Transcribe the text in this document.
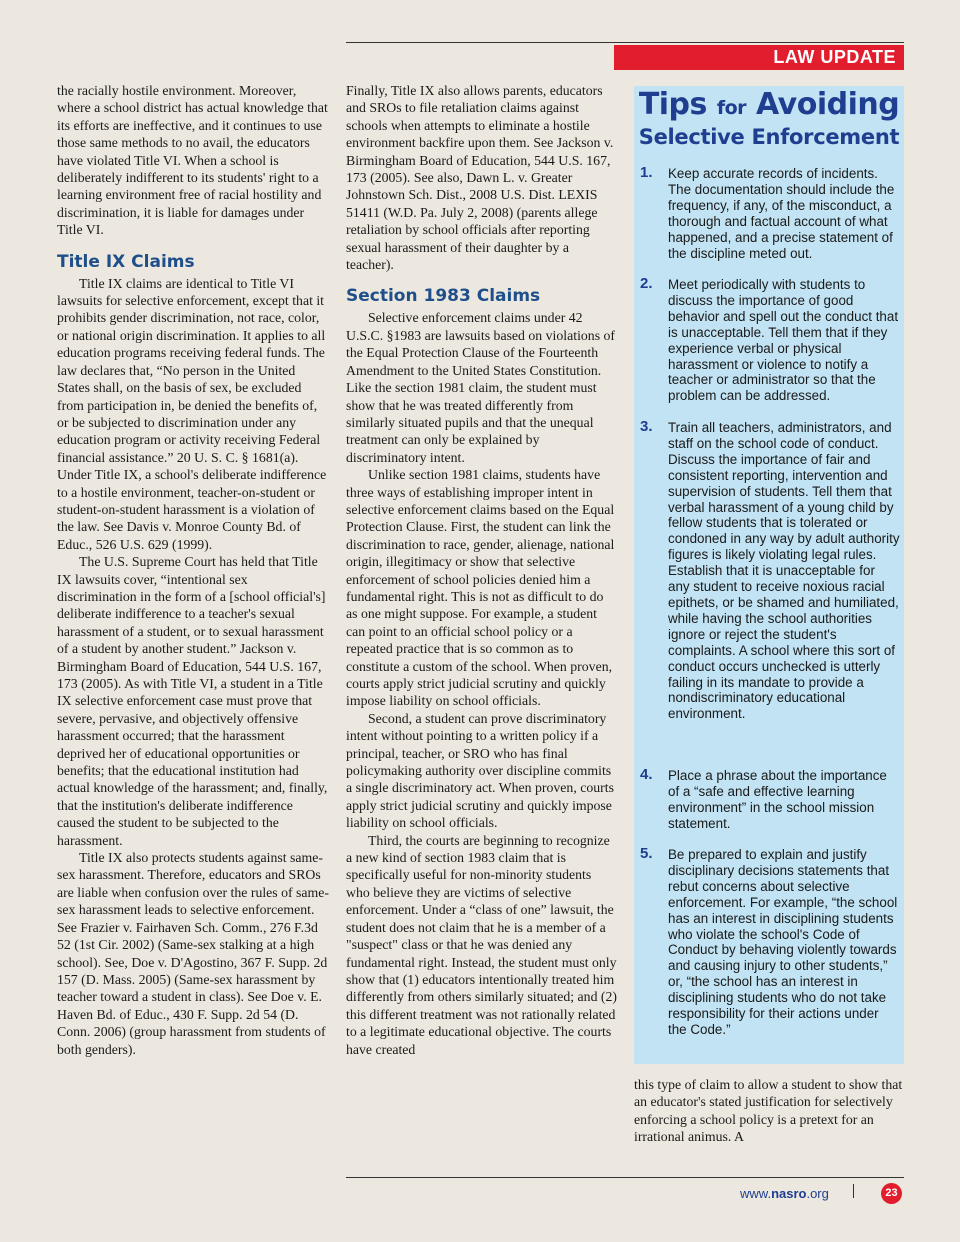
LAW UPDATE

the racially hostile environment. Moreover, where a school district has actual knowledge that its efforts are ineffective, and it continues to use those same methods to no avail, the educators have violated Title VI. When a school is deliberately indifferent to its students' right to a learning environment free of racial hostility and discrimination, it is liable for damages under Title VI.

Title IX Claims

Title IX claims are identical to Title VI lawsuits for selective enforcement, except that it prohibits gender discrimination, not race, color, or national origin discrimination. It applies to all education programs receiving federal funds. The law declares that, “No person in the United States shall, on the basis of sex, be excluded from participation in, be denied the benefits of, or be subjected to discrimination under any education program or activity receiving Federal financial assistance.” 20 U. S. C. § 1681(a). Under Title IX, a school's deliberate indifference to a hostile environment, teacher-on-student or student-on-student harassment is a violation of the law. See Davis v. Monroe County Bd. of Educ., 526 U.S. 629 (1999).

The U.S. Supreme Court has held that Title IX lawsuits cover, “intentional sex discrimination in the form of a [school official's] deliberate indifference to a teacher's sexual harassment of a student, or to sexual harassment of a student by another student.” Jackson v. Birmingham Board of Education, 544 U.S. 167, 173 (2005). As with Title VI, a student in a Title IX selective enforcement case must prove that severe, pervasive, and objectively offensive harassment occurred; that the harassment deprived her of educational opportunities or benefits; that the educational institution had actual knowledge of the harassment; and, finally, that the institution's deliberate indifference caused the student to be subjected to the harassment.

Title IX also protects students against same-sex harassment. Therefore, educators and SROs are liable when confusion over the rules of same-sex harassment leads to selective enforcement. See Frazier v. Fairhaven Sch. Comm., 276 F.3d 52 (1st Cir. 2002) (Same-sex stalking at a high school). See, Doe v. D'Agostino, 367 F. Supp. 2d 157 (D. Mass. 2005) (Same-sex harassment by teacher toward a student in class). See Doe v. E. Haven Bd. of Educ., 430 F. Supp. 2d 54 (D. Conn. 2006) (group harassment from students of both genders).

Finally, Title IX also allows parents, educators and SROs to file retaliation claims against schools when attempts to eliminate a hostile environment backfire upon them. See Jackson v. Birmingham Board of Education, 544 U.S. 167, 173 (2005). See also, Dawn L. v. Greater Johnstown Sch. Dist., 2008 U.S. Dist. LEXIS 51411 (W.D. Pa. July 2, 2008) (parents allege retaliation by school officials after reporting sexual harassment of their daughter by a teacher).

Section 1983 Claims

Selective enforcement claims under 42 U.S.C. §1983 are lawsuits based on violations of the Equal Protection Clause of the Fourteenth Amendment to the United States Constitution. Like the section 1981 claim, the student must show that he was treated differently from similarly situated pupils and that the unequal treatment can only be explained by discriminatory intent.

Unlike section 1981 claims, students have three ways of establishing improper intent in selective enforcement claims based on the Equal Protection Clause. First, the student can link the discrimination to race, gender, alienage, national origin, illegitimacy or show that selective enforcement of school policies denied him a fundamental right. This is not as difficult to do as one might suppose. For example, a student can point to an official school policy or a repeated practice that is so common as to constitute a custom of the school. When proven, courts apply strict judicial scrutiny and quickly impose liability on school officials.

Second, a student can prove discriminatory intent without pointing to a written policy if a principal, teacher, or SRO who has final policymaking authority over discipline commits a single discriminatory act. When proven, courts apply strict judicial scrutiny and quickly impose liability on school officials.

Third, the courts are beginning to recognize a new kind of section 1983 claim that is specifically useful for non-minority students who believe they are victims of selective enforcement. Under a “class of one” lawsuit, the student does not claim that he is a member of a "suspect" class or that he was denied any fundamental right. Instead, the student must only show that (1) educators intentionally treated him differently from others similarly situated; and (2) this different treatment was not rationally related to a legitimate educational objective. The courts have created

Tips for Avoiding
Selective Enforcement
1. Keep accurate records of incidents. The documentation should include the frequency, if any, of the misconduct, a thorough and factual account of what happened, and a precise statement of the discipline meted out.
2. Meet periodically with students to discuss the importance of good behavior and spell out the conduct that is unacceptable. Tell them that if they experience verbal or physical harassment or violence to notify a teacher or administrator so that the problem can be addressed.
3. Train all teachers, administrators, and staff on the school code of conduct. Discuss the importance of fair and consistent reporting, intervention and supervision of students. Tell them that verbal harassment of a young child by fellow students that is tolerated or condoned in any way by adult authority figures is likely violating legal rules. Establish that it is unacceptable for any student to receive noxious racial epithets, or be shamed and humiliated, while having the school authorities ignore or reject the student's complaints. A school where this sort of conduct occurs unchecked is utterly failing in its mandate to provide a nondiscriminatory educational environment.
4. Place a phrase about the importance of a “safe and effective learning environment” in the school mission statement.
5. Be prepared to explain and justify disciplinary decisions statements that rebut concerns about selective enforcement. For example, “the school has an interest in disciplining students who violate the school's Code of Conduct by behaving violently towards and causing injury to other students,” or, “the school has an interest in disciplining students who do not take responsibility for their actions under the Code.”
this type of claim to allow a student to show that an educator's stated justification for selectively enforcing a school policy is a pretext for an irrational animus. A
www.nasro.org	23
